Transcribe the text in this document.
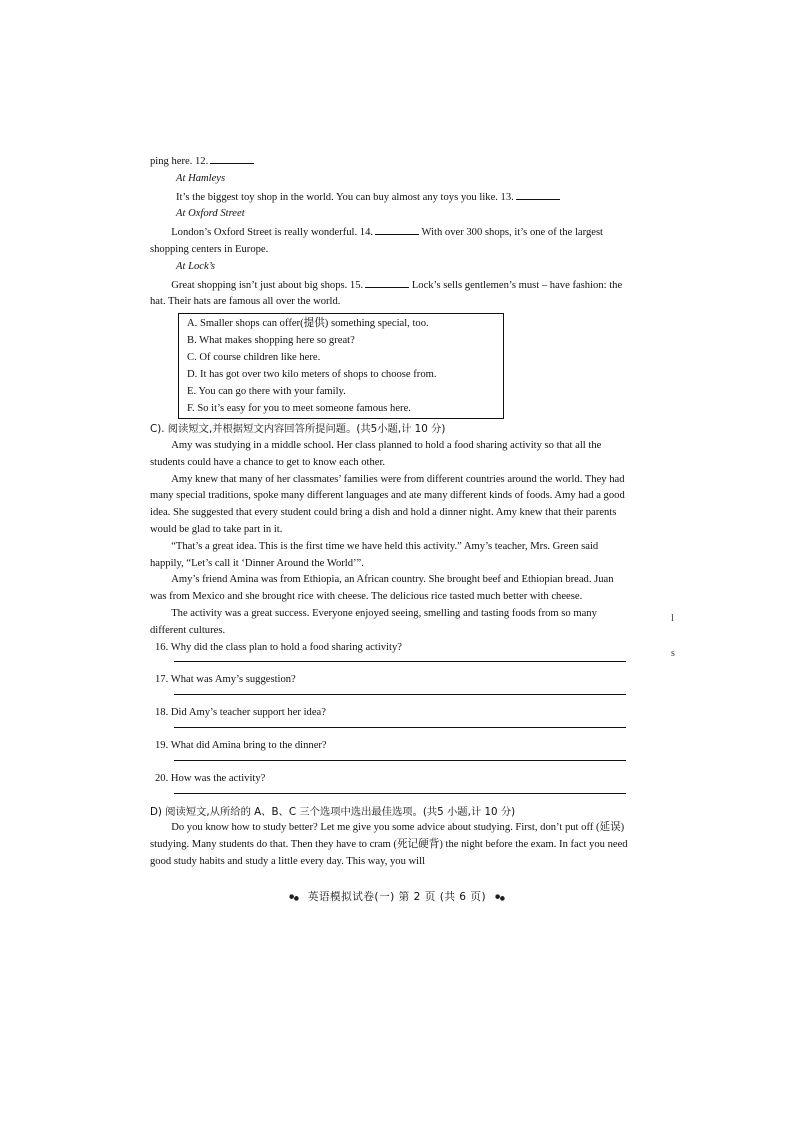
ping here. 12.

At Hamleys

It’s the biggest toy shop in the world. You can buy almost any toys you like. 13.

At Oxford Street

London’s Oxford Street is really wonderful. 14.	With over 300 shops, it’s one of the largest shopping centers in Europe.

At Lock’s

Great shopping isn’t just about big shops. 15.	Lock’s sells gentlemen’s must – have fashion: the hat. Their hats are famous all over the world.

A. Smaller shops can offer(提供) something special, too.
B. What makes shopping here so great?
C. Of course children like here.
D. It has got over two kilo meters of shops to choose from.
E. You can go there with your family.
F. So it’s easy for you to meet someone famous here.

C). 阅读短文,并根据短文内容回答所提问题。(共5小题,计 10 分)

Amy was studying in a middle school. Her class planned to hold a food sharing activity so that all the students could have a chance to get to know each other.

Amy knew that many of her classmates’ families were from different countries around the world. They had many special traditions, spoke many different languages and ate many different kinds of foods. Amy had a good idea. She suggested that every student could bring a dish and hold a dinner night. Amy knew that their parents would be glad to take part in it.

“That’s a great idea. This is the first time we have held this activity.” Amy’s teacher, Mrs. Green said happily, “Let’s call it ‘Dinner Around the World’”.

Amy’s friend Amina was from Ethiopia, an African country. She brought beef and Ethiopian bread. Juan was from Mexico and she brought rice with cheese. The delicious rice tasted much better with cheese.

The activity was a great success. Everyone enjoyed seeing, smelling and tasting foods from so many different cultures.

16. Why did the class plan to hold a food sharing activity?

17. What was Amy’s suggestion?

18. Did Amy’s teacher support her idea?

19. What did Amina bring to the dinner?

20. How was the activity?

D) 阅读短文,从所给的 A、B、C 三个选项中选出最佳选项。(共5 小题,计 10 分)

Do you know how to study better? Let me give you some advice about studying. First, don’t put off (延误) studying. Many students do that. Then they have to cram (死记硬背) the night before the exam. In fact you need good study habits and study a little every day. This way, you will

英语模拟试卷(一) 第 2 页 (共 6 页)
l
s
